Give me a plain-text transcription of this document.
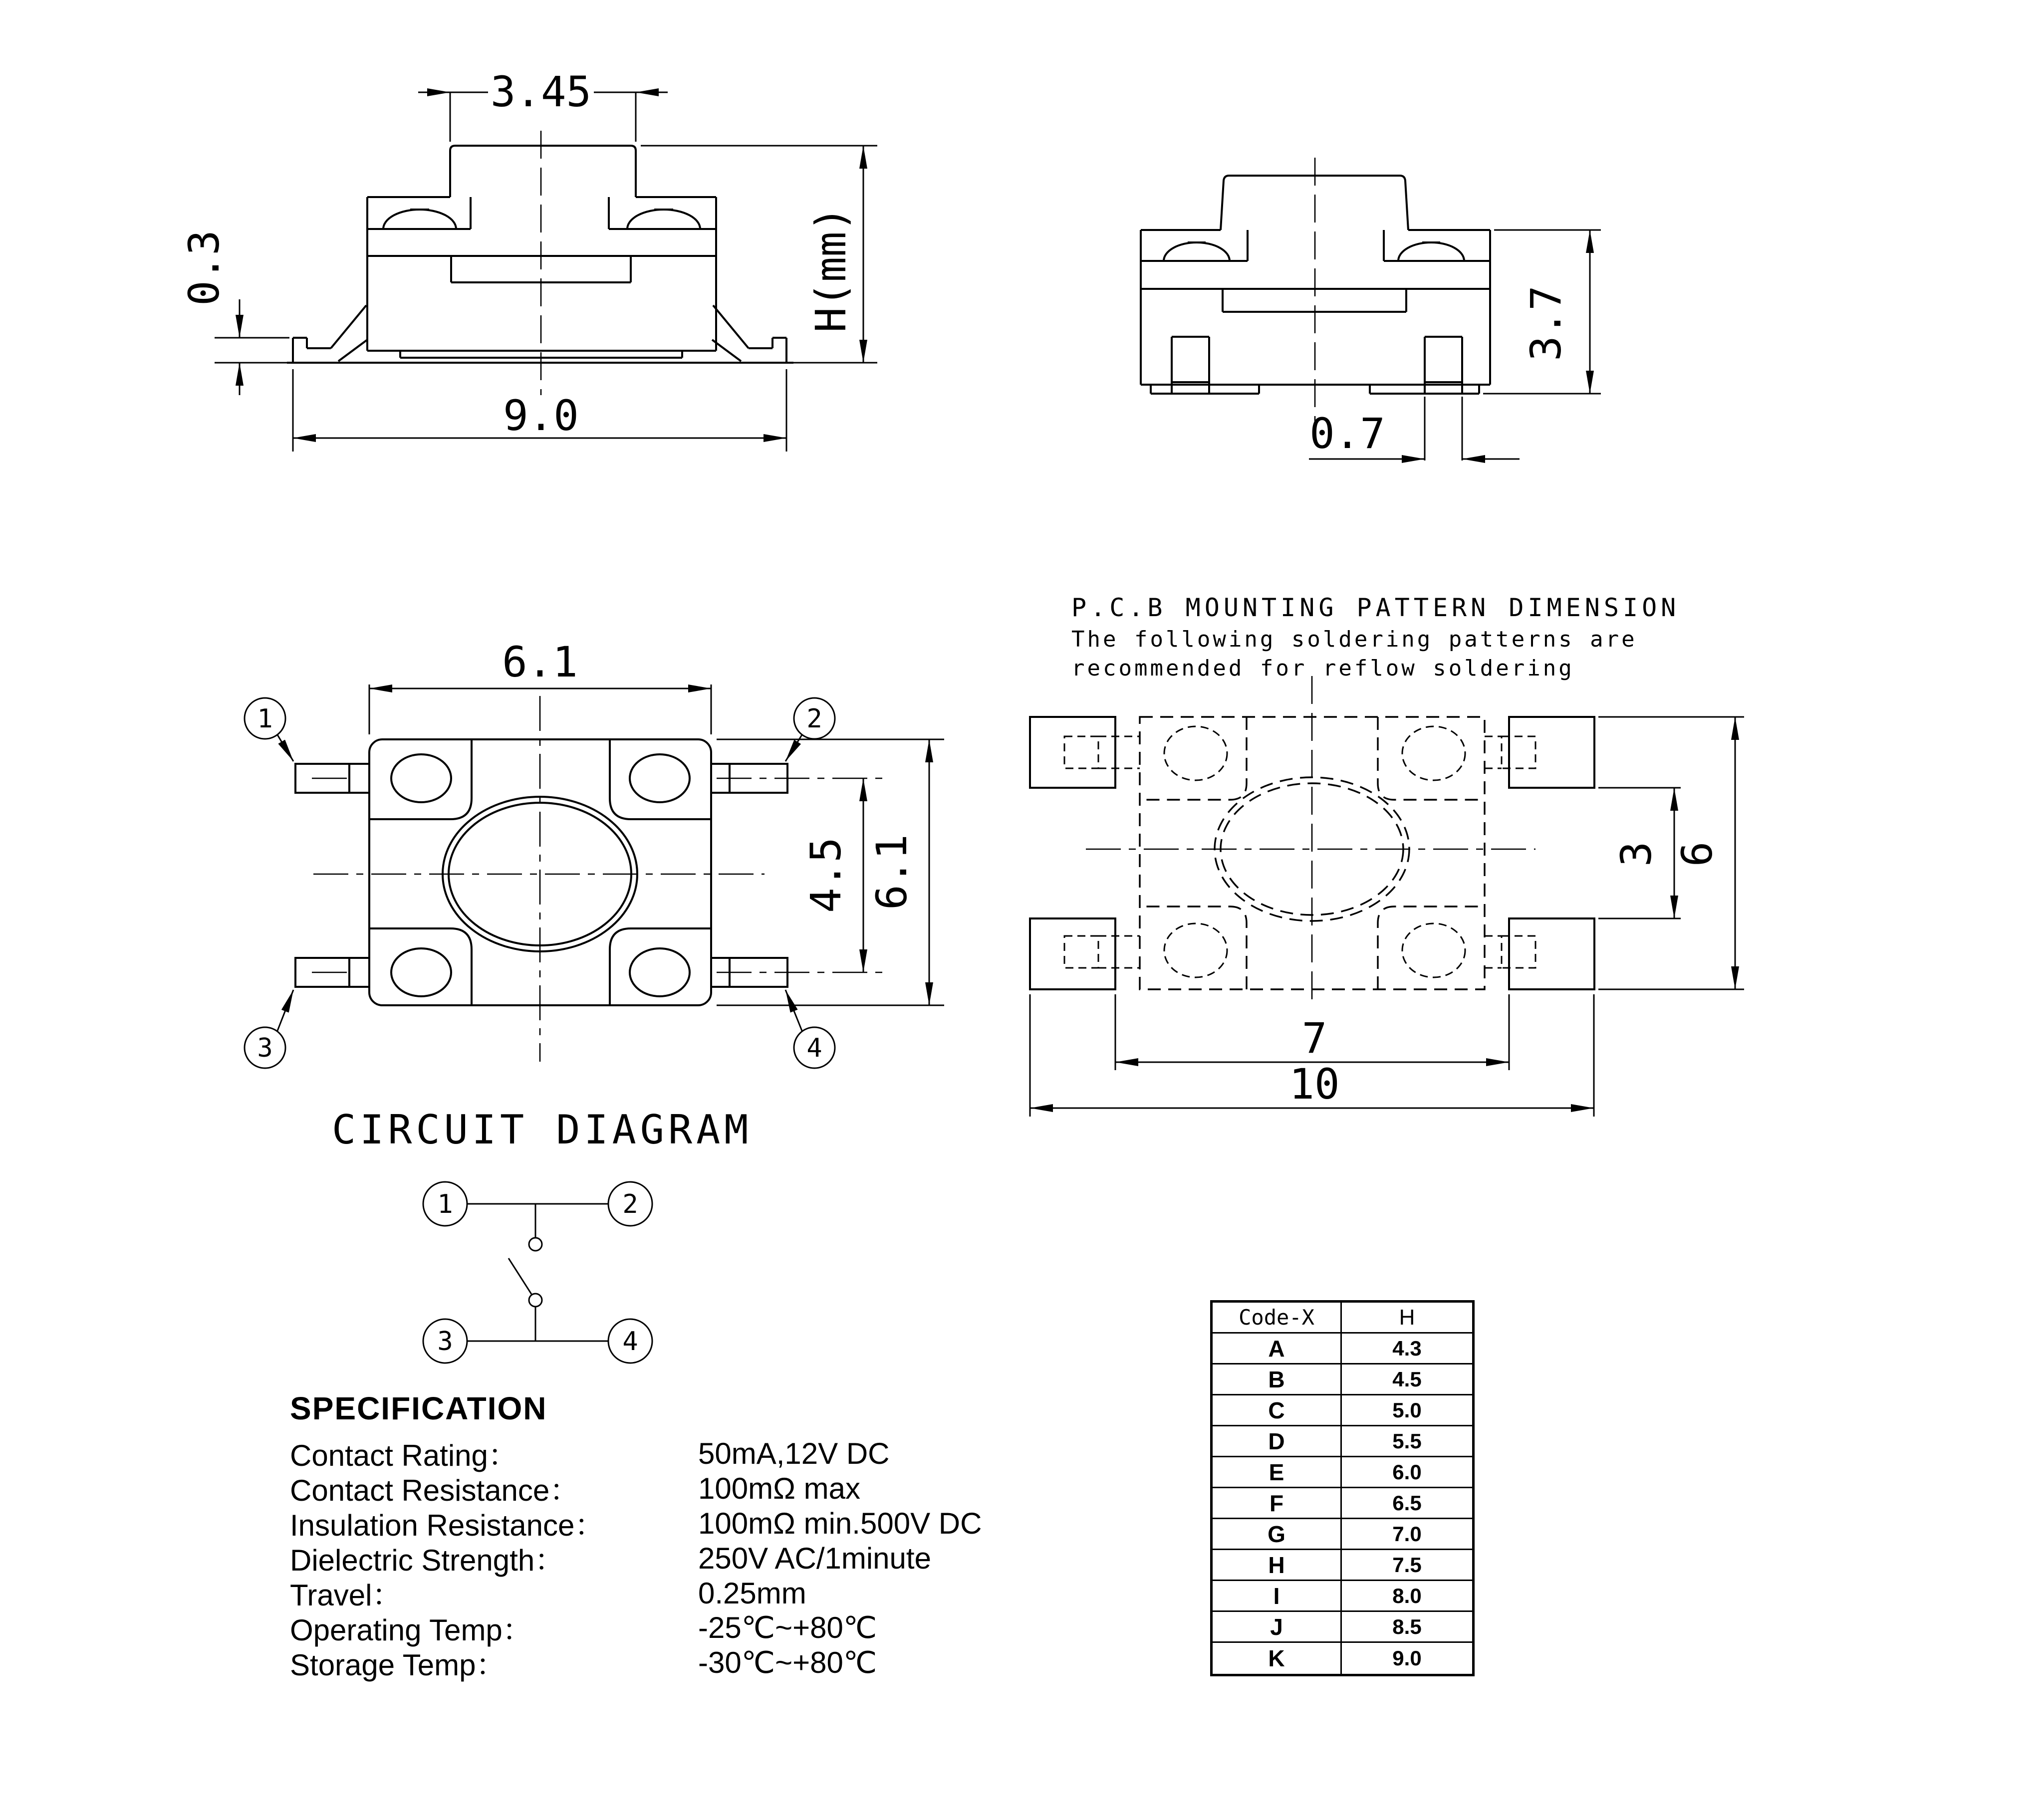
3.45
H(mm)
0.3
9.0
3.7
0.7
1	2
3	4
6.1
4.5 6.1
P.C.B MOUNTING PATTERN DIMENSION
The following soldering patterns are
recommended for reflow soldering
3 6
7
10
CIRCUIT DIAGRAM
1	2
3	4
SPECIFICATION
Contact Rating：	50mA,12V DC
Contact Resistance：	100mΩ max
Insulation Resistance：	100mΩ min.500V DC
Dielectric Strength：	250V AC/1minute
Travel：	0.25mm
Operating Temp：	-25℃~+80℃
Storage Temp：	-30℃~+80℃
Code-X	H
A	4.3
B	4.5
C	5.0
D	5.5
E	6.0
F	6.5
G	7.0
H	7.5
I	8.0
J	8.5
K	9.0
